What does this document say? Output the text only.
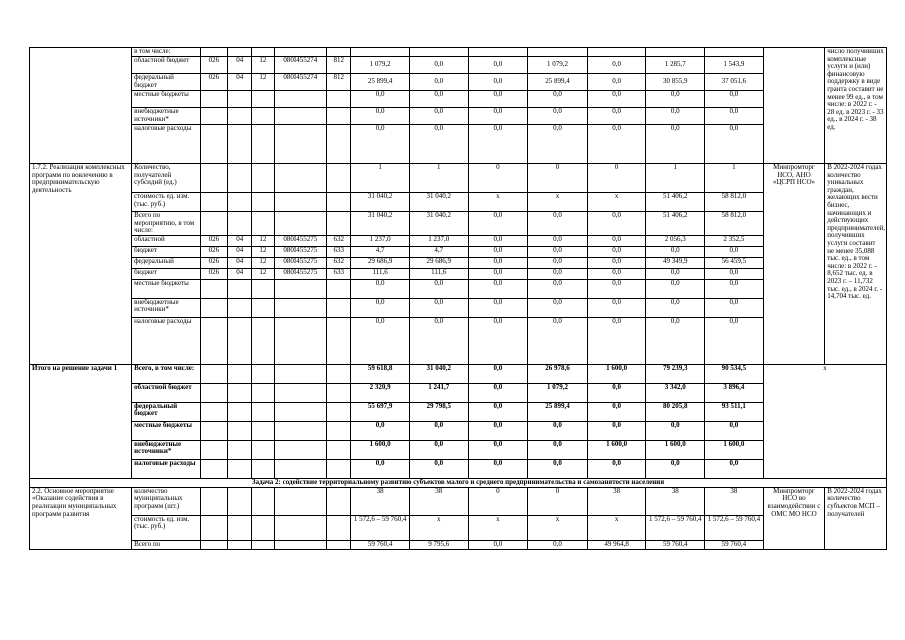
	в том числе:														число получивших комплексные услуги и (или) финансовую поддержку в виде гранта составит не менее 99 ед., в том числе: в 2022 г. - 28 ед. в 2023 г. - 33 ед., в 2024 г. - 38 ед.
	областной бюджет	026	04	12	080I455274	812	1 079,2	0,0	0,0	1 079,2	0,0	1 285,7	1 543,9		
	федеральный бюджет	026	04	12	080I455274	812	25 899,4	0,0	0,0	25 899,4	0,0	30 855,9	37 051,6		
	местные бюджеты						0,0	0,0	0,0	0,0	0,0	0,0	0,0		
	внебюджетные источники*						0,0	0,0	0,0	0,0	0,0	0,0	0,0		
	налоговые расходы						0,0	0,0	0,0	0,0	0,0	0,0	0,0		
1.7.2. Реализация комплексных программ по вовлечению в предпринимательскую деятельность	Количество, получателей субсидий (ед.)						1	1	0	0	0	1	1	Минпромторг НСО, АНО «ЦСРП НСО»	В 2022-2024 годах количество уникальных граждан, желающих вести бизнес, начинающих и действующих предпринимателей, получивших услуги составит не менее 35,088 тыс. ед., в том числе: в 2022 г. - 8,652 тыс. ед. в 2023 г. – 11,732 тыс. ед., в 2024 г. - 14,704 тыс. ед.
	стоимость ед. изм. (тыс. руб.)						31 040,2	31 040,2	x	x	x	51 406,2	58 812,0		
	Всего по мероприятию, в том числе:						31 040,2	31 040,2	0,0	0,0	0,0	51 406,2	58 812,0		
	областной	026	04	12	080I455275	632	1 237,0	1 237,0	0,0	0,0	0,0	2 056,3	2 352,5		
	бюджет	026	04	12	080I455275	633	4,7	4,7	0,0	0,0	0,0	0,0	0,0		
	федеральный	026	04	12	080I455275	632	29 686,9	29 686,9	0,0	0,0	0,0	49 349,9	56 459,5		
	бюджет	026	04	12	080I455275	633	111,6	111,6	0,0	0,0	0,0	0,0	0,0		
	местные бюджеты						0,0	0,0	0,0	0,0	0,0	0,0	0,0		
	внебюджетные источники*						0,0	0,0	0,0	0,0	0,0	0,0	0,0		
	налоговые расходы						0,0	0,0	0,0	0,0	0,0	0,0	0,0		
Итого на решение задачи 1	Всего, в том числе:						59 618,8	31 040,2	0,0	26 978,6	1 600,0	79 239,3	90 534,5	x	
	областной бюджет						2 320,9	1 241,7	0,0	1 079,2	0,0	3 342,0	3 896,4		
	федеральный бюджет						55 697,9	29 798,5	0,0	25 899,4	0,0	80 205,8	93 511,1		
	местные бюджеты						0,0	0,0	0,0	0,0	0,0	0,0	0,0		
	внебюджетные источники*						1 600,0	0,0	0,0	0,0	1 600,0	1 600,0	1 600,0		
	налоговые расходы						0,0	0,0	0,0	0,0	0,0	0,0	0,0		
Задача 2: содействие территориальному развитию субъектов малого и среднего предпринимательства и самозанятости населения															
2.2. Основное мероприятие «Оказание содействия в реализации муниципальных программ развития	количество муниципальных программ (шт.)						38	38	0	0	38	38	38	Минпромторг НСО во взаимодействии с ОМС МО НСО	В 2022-2024 годах количество субъектов МСП – получателей
	стоимость ед. изм. (тыс. руб.)						1 572,6 – 59 760,4	x	x	x	x	1 572,6 – 59 760,4	1 572,6 – 59 760,4		
	Всего по						59 760,4	9 795,6	0,0	0,0	49 964,8	59 760,4	59 760,4		
